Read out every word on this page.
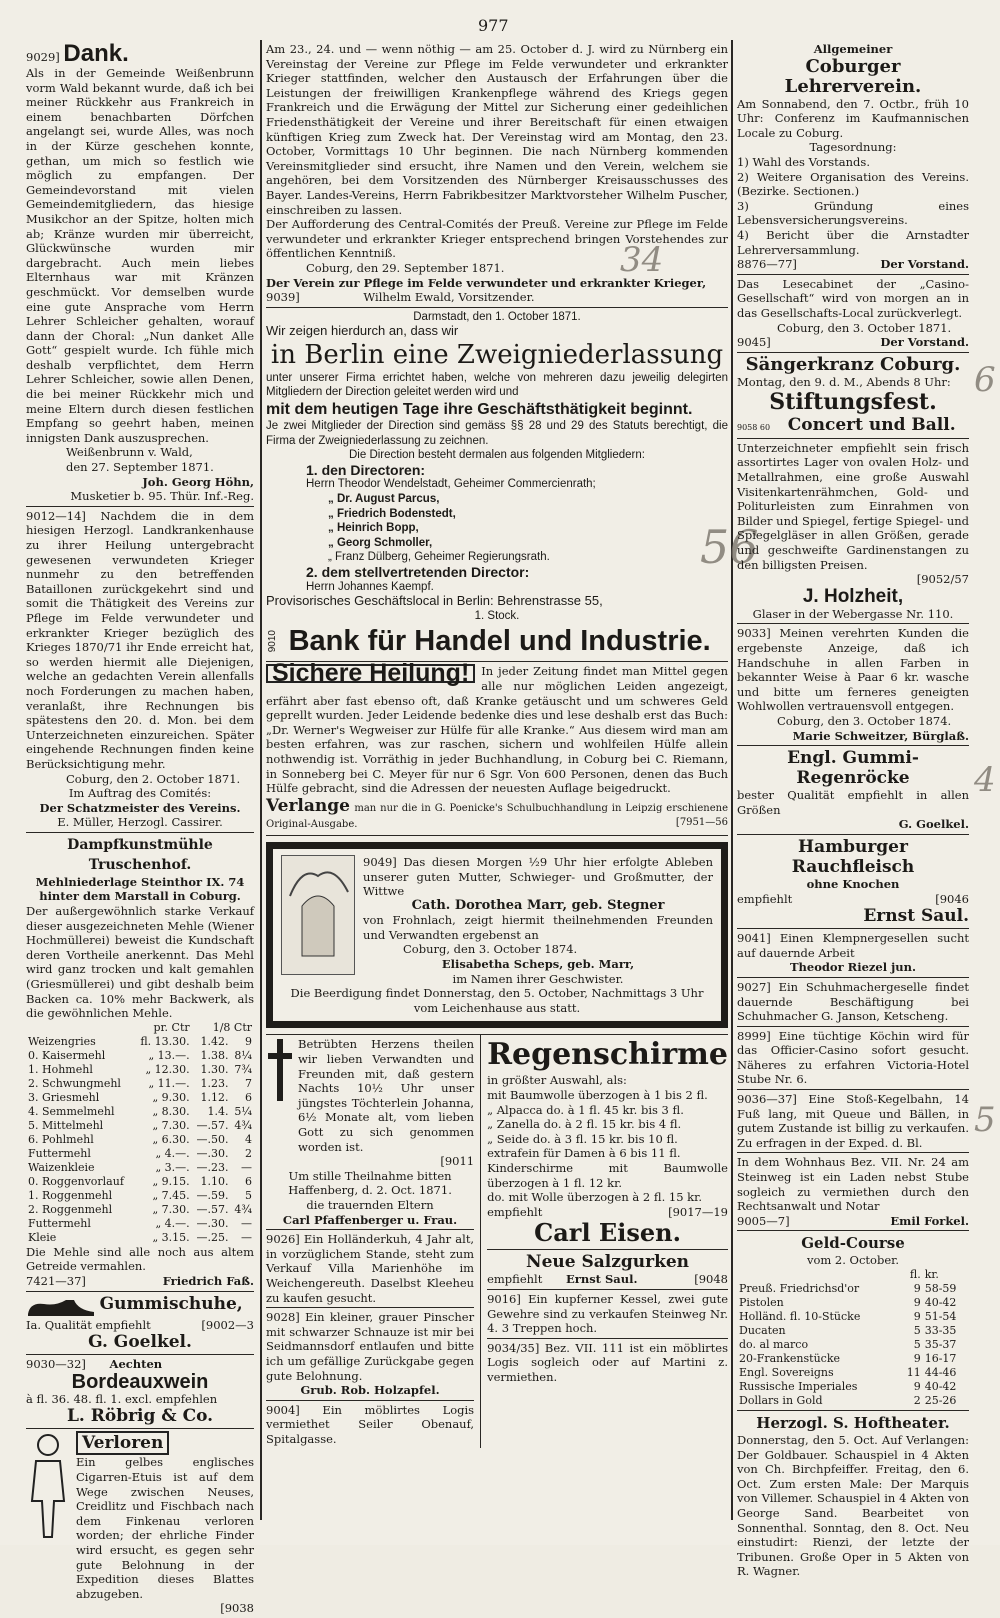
977
34
56
4
5
6

9029] Dank.

Als in der Gemeinde Weißenbrunn vorm Wald bekannt wurde, daß ich bei meiner Rückkehr aus Frankreich in einem benachbarten Dörfchen angelangt sei, wurde Alles, was noch in der Kürze geschehen konnte, gethan, um mich so festlich wie möglich zu empfangen. Der Gemeindevorstand mit vielen Gemeindemitgliedern, das hiesige Musikchor an der Spitze, holten mich ab; Kränze wurden mir überreicht, Glückwünsche wurden mir dargebracht. Auch mein liebes Elternhaus war mit Kränzen geschmückt. Vor demselben wurde eine gute Ansprache vom Herrn Lehrer Schleicher gehalten, worauf dann der Choral: „Nun danket Alle Gott“ gespielt wurde. Ich fühle mich deshalb verpflichtet, dem Herrn Lehrer Schleicher, sowie allen Denen, die bei meiner Rückkehr mich und meine Eltern durch diesen festlichen Empfang so geehrt haben, meinen innigsten Dank auszusprechen.

Weißenbrunn v. Wald,

den 27. September 1871.

Joh. Georg Höhn,

Musketier b. 95. Thür. Inf.-Reg.

9012—14] Nachdem die in dem hiesigen Herzogl. Landkrankenhause zu ihrer Heilung untergebracht gewesenen verwundeten Krieger nunmehr zu den betreffenden Bataillonen zurückgekehrt sind und somit die Thätigkeit des Vereins zur Pflege im Felde verwundeter und erkrankter Krieger bezüglich des Krieges 1870/71 ihr Ende erreicht hat, so werden hiermit alle Diejenigen, welche an gedachten Verein allenfalls noch Forderungen zu machen haben, veranlaßt, ihre Rechnungen bis spätestens den 20. d. Mon. bei dem Unterzeichneten einzureichen. Später eingehende Rechnungen finden keine Berücksichtigung mehr.

Coburg, den 2. October 1871.

Im Auftrag des Comités:

Der Schatzmeister des Vereins.

E. Müller, Herzogl. Cassirer.

Dampfkunstmühle Truschenhof.

Mehlniederlage Steinthor IX. 74 hinter dem Marstall in Coburg.

Der außergewöhnlich starke Verkauf dieser ausgezeichneten Mehle (Wiener Hochmüllerei) beweist die Kundschaft deren Vortheile anerkennt. Das Mehl wird ganz trocken und kalt gemahlen (Griesmüllerei) und gibt deshalb beim Backen ca. 10% mehr Backwerk, als die gewöhnlichen Mehle.

	pr. Ctr	1/8 Ctr	
Weizengries	fl. 13.30.	1.42.	9
0. Kaisermehl	„ 13.—.	1.38.	8¼
1. Hohmehl	„ 12.30.	1.30.	7¾
2. Schwungmehl	„ 11.—.	1.23.	7
3. Griesmehl	„ 9.30.	1.12.	6
4. Semmelmehl	„ 8.30.	1.4.	5¼
5. Mittelmehl	„ 7.30.	—.57.	4¾
6. Pohlmehl	„ 6.30.	—.50.	4
Futtermehl	„ 4.—.	—.30.	2
Waizenkleie	„ 3.—.	—.23.	—
0. Roggenvorlauf	„ 9.15.	1.10.	6
1. Roggenmehl	„ 7.45.	—.59.	5
2. Roggenmehl	„ 7.30.	—.57.	4¾
Futtermehl	„ 4.—.	—.30.	—
Kleie	„ 3.15.	—.25.	—

Die Mehle sind alle noch aus altem Getreide vermahlen.

7421—37]	Friedrich Faß.

Gummischuhe,

Ia. Qualität empfiehlt	[9002—3

G. Goelkel.

9030—32] Aechten

Bordeauxwein

à fl. 36. 48. fl. 1. excl. empfehlen

L. Röbrig & Co.

Verloren

Ein gelbes englisches Cigarren-Etuis ist auf dem Wege zwischen Neuses, Creidlitz und Fischbach nach dem Finkenau verloren worden; der ehrliche Finder wird ersucht, es gegen sehr gute Belohnung in der Expedition dieses Blattes abzugeben.

[9038

Am 23., 24. und — wenn nöthig — am 25. October d. J. wird zu Nürnberg ein Vereinstag der Vereine zur Pflege im Felde verwundeter und erkrankter Krieger stattfinden, welcher den Austausch der Erfahrungen über die Leistungen der freiwilligen Krankenpflege während des Kriegs gegen Frankreich und die Erwägung der Mittel zur Sicherung einer gedeihlichen Friedensthätigkeit der Vereine und ihrer Bereitschaft für einen etwaigen künftigen Krieg zum Zweck hat. Der Vereinstag wird am Montag, den 23. October, Vormittags 10 Uhr beginnen. Die nach Nürnberg kommenden Vereinsmitglieder sind ersucht, ihre Namen und den Verein, welchem sie angehören, bei dem Vorsitzenden des Nürnberger Kreisausschusses des Bayer. Landes-Vereins, Herrn Fabrikbesitzer Marktvorsteher Wilhelm Puscher, einschreiben zu lassen.

Der Aufforderung des Central-Comités der Preuß. Vereine zur Pflege im Felde verwundeter und erkrankter Krieger entsprechend bringen Vorstehendes zur öffentlichen Kenntniß.

Coburg, den 29. September 1871.

Der Verein zur Pflege im Felde verwundeter und erkrankter Krieger,

9039]	Wilhelm Ewald, Vorsitzender.

Darmstadt, den 1. October 1871.

Wir zeigen hierdurch an, dass wir

in Berlin eine Zweigniederlassung

unter unserer Firma errichtet haben, welche von mehreren dazu jeweilig delegirten Mitgliedern der Direction geleitet werden wird und

mit dem heutigen Tage ihre Geschäftsthätigkeit beginnt.

Je zwei Mitglieder der Direction sind gemäss §§ 28 und 29 des Statuts berechtigt, die Firma der Zweigniederlassung zu zeichnen.

Die Direction besteht dermalen aus folgenden Mitgliedern:

1. den Directoren:

Herrn Theodor Wendelstadt, Geheimer Commercienrath;

„ Dr. August Parcus,

„ Friedrich Bodenstedt,

„ Heinrich Bopp,

„ Georg Schmoller,

„ Franz Dülberg, Geheimer Regierungsrath.

2. dem stellvertretenden Director:

Herrn Johannes Kaempf.

Provisorisches Geschäftslocal in Berlin: Behrenstrasse 55,

1. Stock.

9010 Bank für Handel und Industrie.

Sichere Heilung!	In jeder Zeitung findet man Mittel gegen alle nur möglichen Leiden angezeigt, erfährt aber fast ebenso oft, daß Kranke getäuscht und um schweres Geld geprellt wurden. Jeder Leidende bedenke dies und lese deshalb erst das Buch: „Dr. Werner's Wegweiser zur Hülfe für alle Kranke.“ Aus diesem wird man am besten erfahren, was zur raschen, sichern und wohlfeilen Hülfe allein nothwendig ist. Vorräthig in jeder Buchhandlung, in Coburg bei C. Riemann, in Sonneberg bei C. Meyer für nur 6 Sgr. Von 600 Personen, denen das Buch Hülfe gebracht, sind die Adressen der neuesten Auflage beigedruckt.

Verlange man nur die in G. Poenicke's Schulbuchhandlung in Leipzig erschienene Original-Ausgabe.	[7951—56

9049] Das diesen Morgen ½9 Uhr hier erfolgte Ableben unserer guten Mutter, Schwieger- und Großmutter, der Wittwe

Cath. Dorothea Marr, geb. Stegner

von Frohnlach, zeigt hiermit theilnehmenden Freunden und Verwandten ergebenst an

Coburg, den 3. October 1874.

Elisabetha Scheps, geb. Marr,

im Namen ihrer Geschwister.

Die Beerdigung findet Donnerstag, den 5. October, Nachmittags 3 Uhr vom Leichenhause aus statt.

Betrübten Herzens theilen wir lieben Verwandten und Freunden mit, daß gestern Nachts 10½ Uhr unser jüngstes Töchterlein Johanna, 6½ Monate alt, vom lieben Gott zu sich genommen worden ist.

[9011

Um stille Theilnahme bitten

Haffenberg, d. 2. Oct. 1871.

die trauernden Eltern

Carl Pfaffenberger u. Frau.

9026] Ein Holländerkuh, 4 Jahr alt, in vorzüglichem Stande, steht zum Verkauf Villa Marienhöhe im Weichengereuth. Daselbst Kleeheu zu kaufen gesucht.

9028] Ein kleiner, grauer Pinscher mit schwarzer Schnauze ist mir bei Seidmannsdorf entlaufen und bitte ich um gefällige Zurückgabe gegen gute Belohnung.

Grub. Rob. Holzapfel.

9004] Ein möblirtes Logis vermiethet Seiler Obenauf, Spitalgasse.

Regenschirme

in größter Auswahl, als:

mit Baumwolle überzogen à 1 bis 2 fl.

„ Alpacca do. à 1 fl. 45 kr. bis 3 fl.

„ Zanella do. à 2 fl. 15 kr. bis 4 fl.

„ Seide do. à 3 fl. 15 kr. bis 10 fl.

extrafein für Damen à 6 bis 11 fl.

Kinderschirme mit Baumwolle überzogen à 1 fl. 12 kr.

do. mit Wolle überzogen à 2 fl. 15 kr.

empfiehlt	[9017—19

Carl Eisen.

Neue Salzgurken

empfiehlt Ernst Saul.	[9048

9016] Ein kupferner Kessel, zwei gute Gewehre sind zu verkaufen Steinweg Nr. 4. 3 Treppen hoch.

9034/35] Bez. VII. 111 ist ein möblirtes Logis sogleich oder auf Martini z. vermiethen.

Allgemeiner

Coburger Lehrerverein.

Am Sonnabend, den 7. Octbr., früh 10 Uhr: Conferenz im Kaufmannischen Locale zu Coburg.

Tagesordnung:

1) Wahl des Vorstands.

2) Weitere Organisation des Vereins. (Bezirke. Sectionen.)

3) Gründung eines Lebensversicherungsvereins.

4) Bericht über die Arnstadter Lehrerversammlung.

8876—77]	Der Vorstand.

Das Lesecabinet der „Casino-Gesellschaft“ wird von morgen an in das Gesellschafts-Local zurückverlegt.

Coburg, den 3. October 1871.

9045]	Der Vorstand.

Sängerkranz Coburg.

Montag, den 9. d. M., Abends 8 Uhr:

Stiftungsfest.

9058 60 Concert und Ball.

Unterzeichneter empfiehlt sein frisch assortirtes Lager von ovalen Holz- und Metallrahmen, eine große Auswahl Visitenkartenrähmchen, Gold- und Politurleisten zum Einrahmen von Bilder und Spiegel, fertige Spiegel- und Spiegelgläser in allen Größen, gerade und geschweifte Gardinenstangen zu den billigsten Preisen.

[9052/57

J. Holzheit,

Glaser in der Webergasse Nr. 110.

9033] Meinen verehrten Kunden die ergebenste Anzeige, daß ich Handschuhe in allen Farben in bekannter Weise à Paar 6 kr. wasche und bitte um ferneres geneigten Wohlwollen vertrauensvoll entgegen.

Coburg, den 3. October 1874.

Marie Schweitzer, Bürglaß.

Engl. Gummi-Regenröcke

bester Qualität empfiehlt in allen Größen

G. Goelkel.

Hamburger Rauchfleisch

ohne Knochen

empfiehlt	[9046

Ernst Saul.

9041] Einen Klempnergesellen sucht auf dauernde Arbeit

Theodor Riezel jun.

9027] Ein Schuhmachergeselle findet dauernde Beschäftigung bei Schuhmacher G. Janson, Ketscheng.

8999] Eine tüchtige Köchin wird für das Officier-Casino sofort gesucht. Näheres zu erfahren Victoria-Hotel Stube Nr. 6.

9036—37] Eine Stoß-Kegelbahn, 14 Fuß lang, mit Queue und Bällen, in gutem Zustande ist billig zu verkaufen. Zu erfragen in der Exped. d. Bl.

In dem Wohnhaus Bez. VII. Nr. 24 am Steinweg ist ein Laden nebst Stube sogleich zu vermiethen durch den Rechtsanwalt und Notar

9005—7]	Emil Forkel.

Geld-Course

vom 2. October.

	fl.	kr.
Preuß. Friedrichsd'or	9	58-59
Pistolen	9	40-42
Holländ. fl. 10-Stücke	9	51-54
Ducaten	5	33-35
do. al marco	5	35-37
20-Frankenstücke	9	16-17
Engl. Sovereigns	11	44-46
Russische Imperiales	9	40-42
Dollars in Gold	2	25-26

Herzogl. S. Hoftheater.

Donnerstag, den 5. Oct. Auf Verlangen: Der Goldbauer. Schauspiel in 4 Akten von Ch. Birchpfeiffer. Freitag, den 6. Oct. Zum ersten Male: Der Marquis von Villemer. Schauspiel in 4 Akten von George Sand. Bearbeitet von Sonnenthal. Sonntag, den 8. Oct. Neu einstudirt: Rienzi, der letzte der Tribunen. Große Oper in 5 Akten von R. Wagner.
